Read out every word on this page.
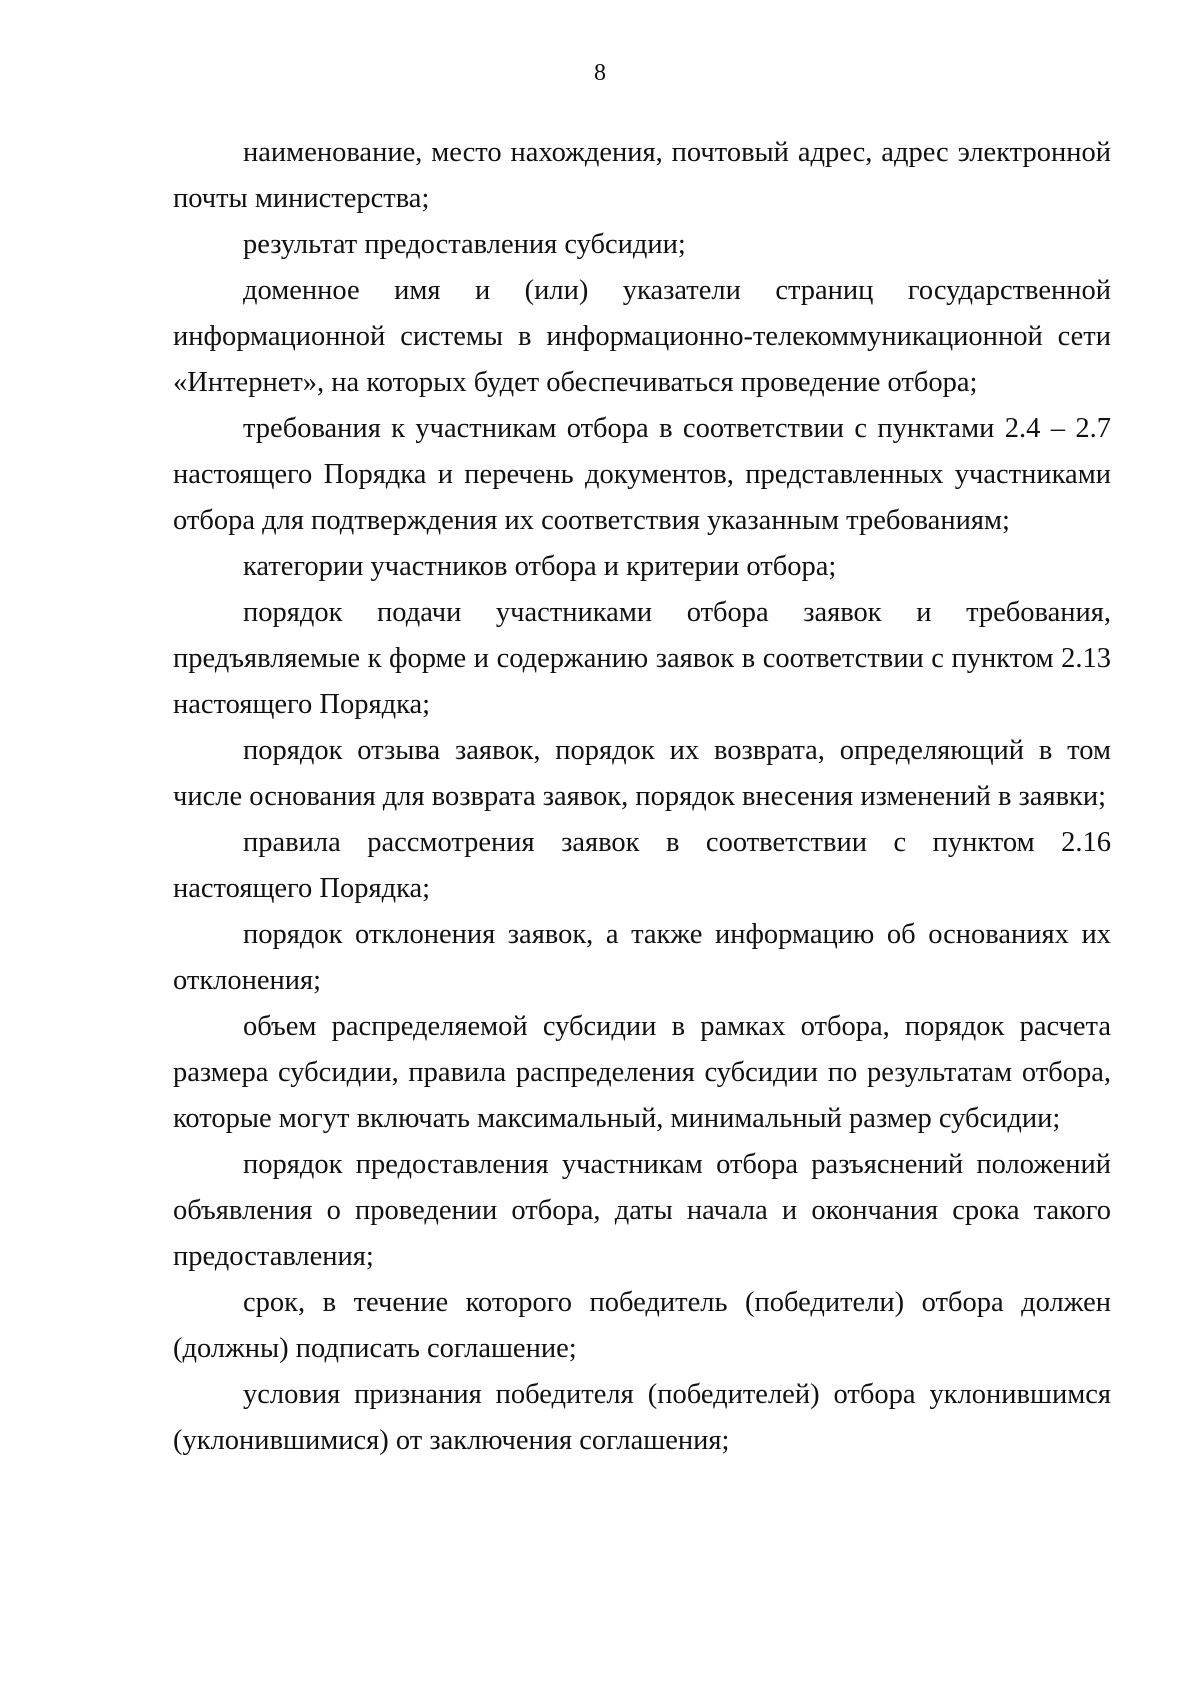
8

наименование, место нахождения, почтовый адрес, адрес электронной почты министерства;

результат предоставления субсидии;

доменное имя и (или) указатели страниц государственной информационной системы в информационно-телекоммуникационной сети «Интернет», на которых будет обеспечиваться проведение отбора;

требования к участникам отбора в соответствии с пунктами 2.4 – 2.7 настоящего Порядка и перечень документов, представленных участниками отбора для подтверждения их соответствия указанным требованиям;

категории участников отбора и критерии отбора;

порядок подачи участниками отбора заявок и требования, предъявляемые к форме и содержанию заявок в соответствии с пунктом 2.13 настоящего Порядка;

порядок отзыва заявок, порядок их возврата, определяющий в том числе основания для возврата заявок, порядок внесения изменений в заявки;

правила рассмотрения заявок в соответствии с пунктом 2.16 настоящего Порядка;

порядок отклонения заявок, а также информацию об основаниях их отклонения;

объем распределяемой субсидии в рамках отбора, порядок расчета размера субсидии, правила распределения субсидии по результатам отбора, которые могут включать максимальный, минимальный размер субсидии;

порядок предоставления участникам отбора разъяснений положений объявления о проведении отбора, даты начала и окончания срока такого предоставления;

срок, в течение которого победитель (победители) отбора должен (должны) подписать соглашение;

условия признания победителя (победителей) отбора уклонившимся (уклонившимися) от заключения соглашения;
